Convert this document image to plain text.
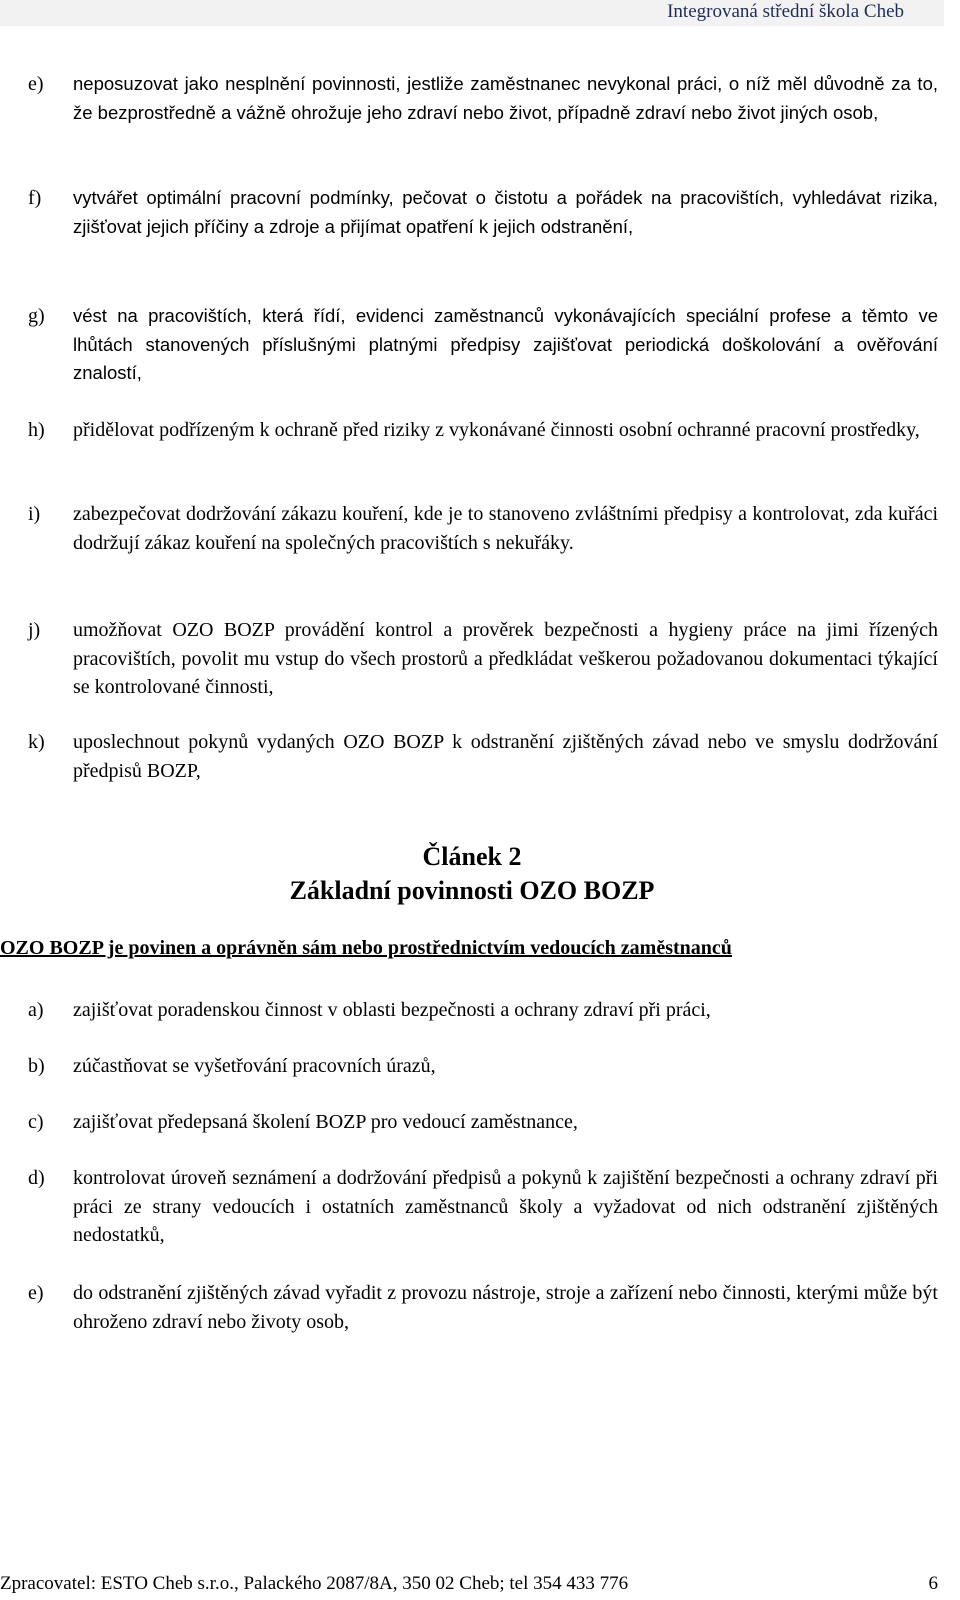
Integrovaná střední škola Cheb
e) neposuzovat jako nesplnění povinnosti, jestliže zaměstnanec nevykonal práci, o níž měl důvodně za to, že bezprostředně a vážně ohrožuje jeho zdraví nebo život, případně zdraví nebo život jiných osob,
f) vytvářet optimální pracovní podmínky, pečovat o čistotu a pořádek na pracovištích, vyhledávat rizika, zjišťovat jejich příčiny a zdroje a přijímat opatření k jejich odstranění,
g) vést na pracovištích, která řídí, evidenci zaměstnanců vykonávajících speciální profese a těmto ve lhůtách stanovených příslušnými platnými předpisy zajišťovat periodická doškolování a ověřování znalostí,
h) přidělovat podřízeným k ochraně před riziky z vykonávané činnosti osobní ochranné pracovní prostředky,
i) zabezpečovat dodržování zákazu kouření, kde je to stanoveno zvláštními předpisy a kontrolovat, zda kuřáci dodržují zákaz kouření na společných pracovištích s nekuřáky.
j) umožňovat OZO BOZP provádění kontrol a prověrek bezpečnosti a hygieny práce na jimi řízených pracovištích, povolit mu vstup do všech prostorů a předkládat veškerou požadovanou dokumentaci týkající se kontrolované činnosti,
k) uposlechnout pokynů vydaných OZO BOZP k odstranění zjištěných závad nebo ve smyslu dodržování předpisů BOZP,
Článek 2
Základní povinnosti OZO BOZP
OZO BOZP je povinen a oprávněn sám nebo prostřednictvím vedoucích zaměstnanců
a) zajišťovat poradenskou činnost v oblasti bezpečnosti a ochrany zdraví při práci,
b) zúčastňovat se vyšetřování pracovních úrazů,
c) zajišťovat předepsaná školení BOZP pro vedoucí zaměstnance,
d) kontrolovat úroveň seznámení a dodržování předpisů a pokynů k zajištění bezpečnosti a ochrany zdraví při práci ze strany vedoucích i ostatních zaměstnanců školy a vyžadovat od nich odstranění zjištěných nedostatků,
e) do odstranění zjištěných závad vyřadit z provozu nástroje, stroje a zařízení nebo činnosti, kterými může být ohroženo zdraví nebo životy osob,
Zpracovatel: ESTO Cheb s.r.o., Palackého 2087/8A, 350 02 Cheb; tel 354 433 776	6
